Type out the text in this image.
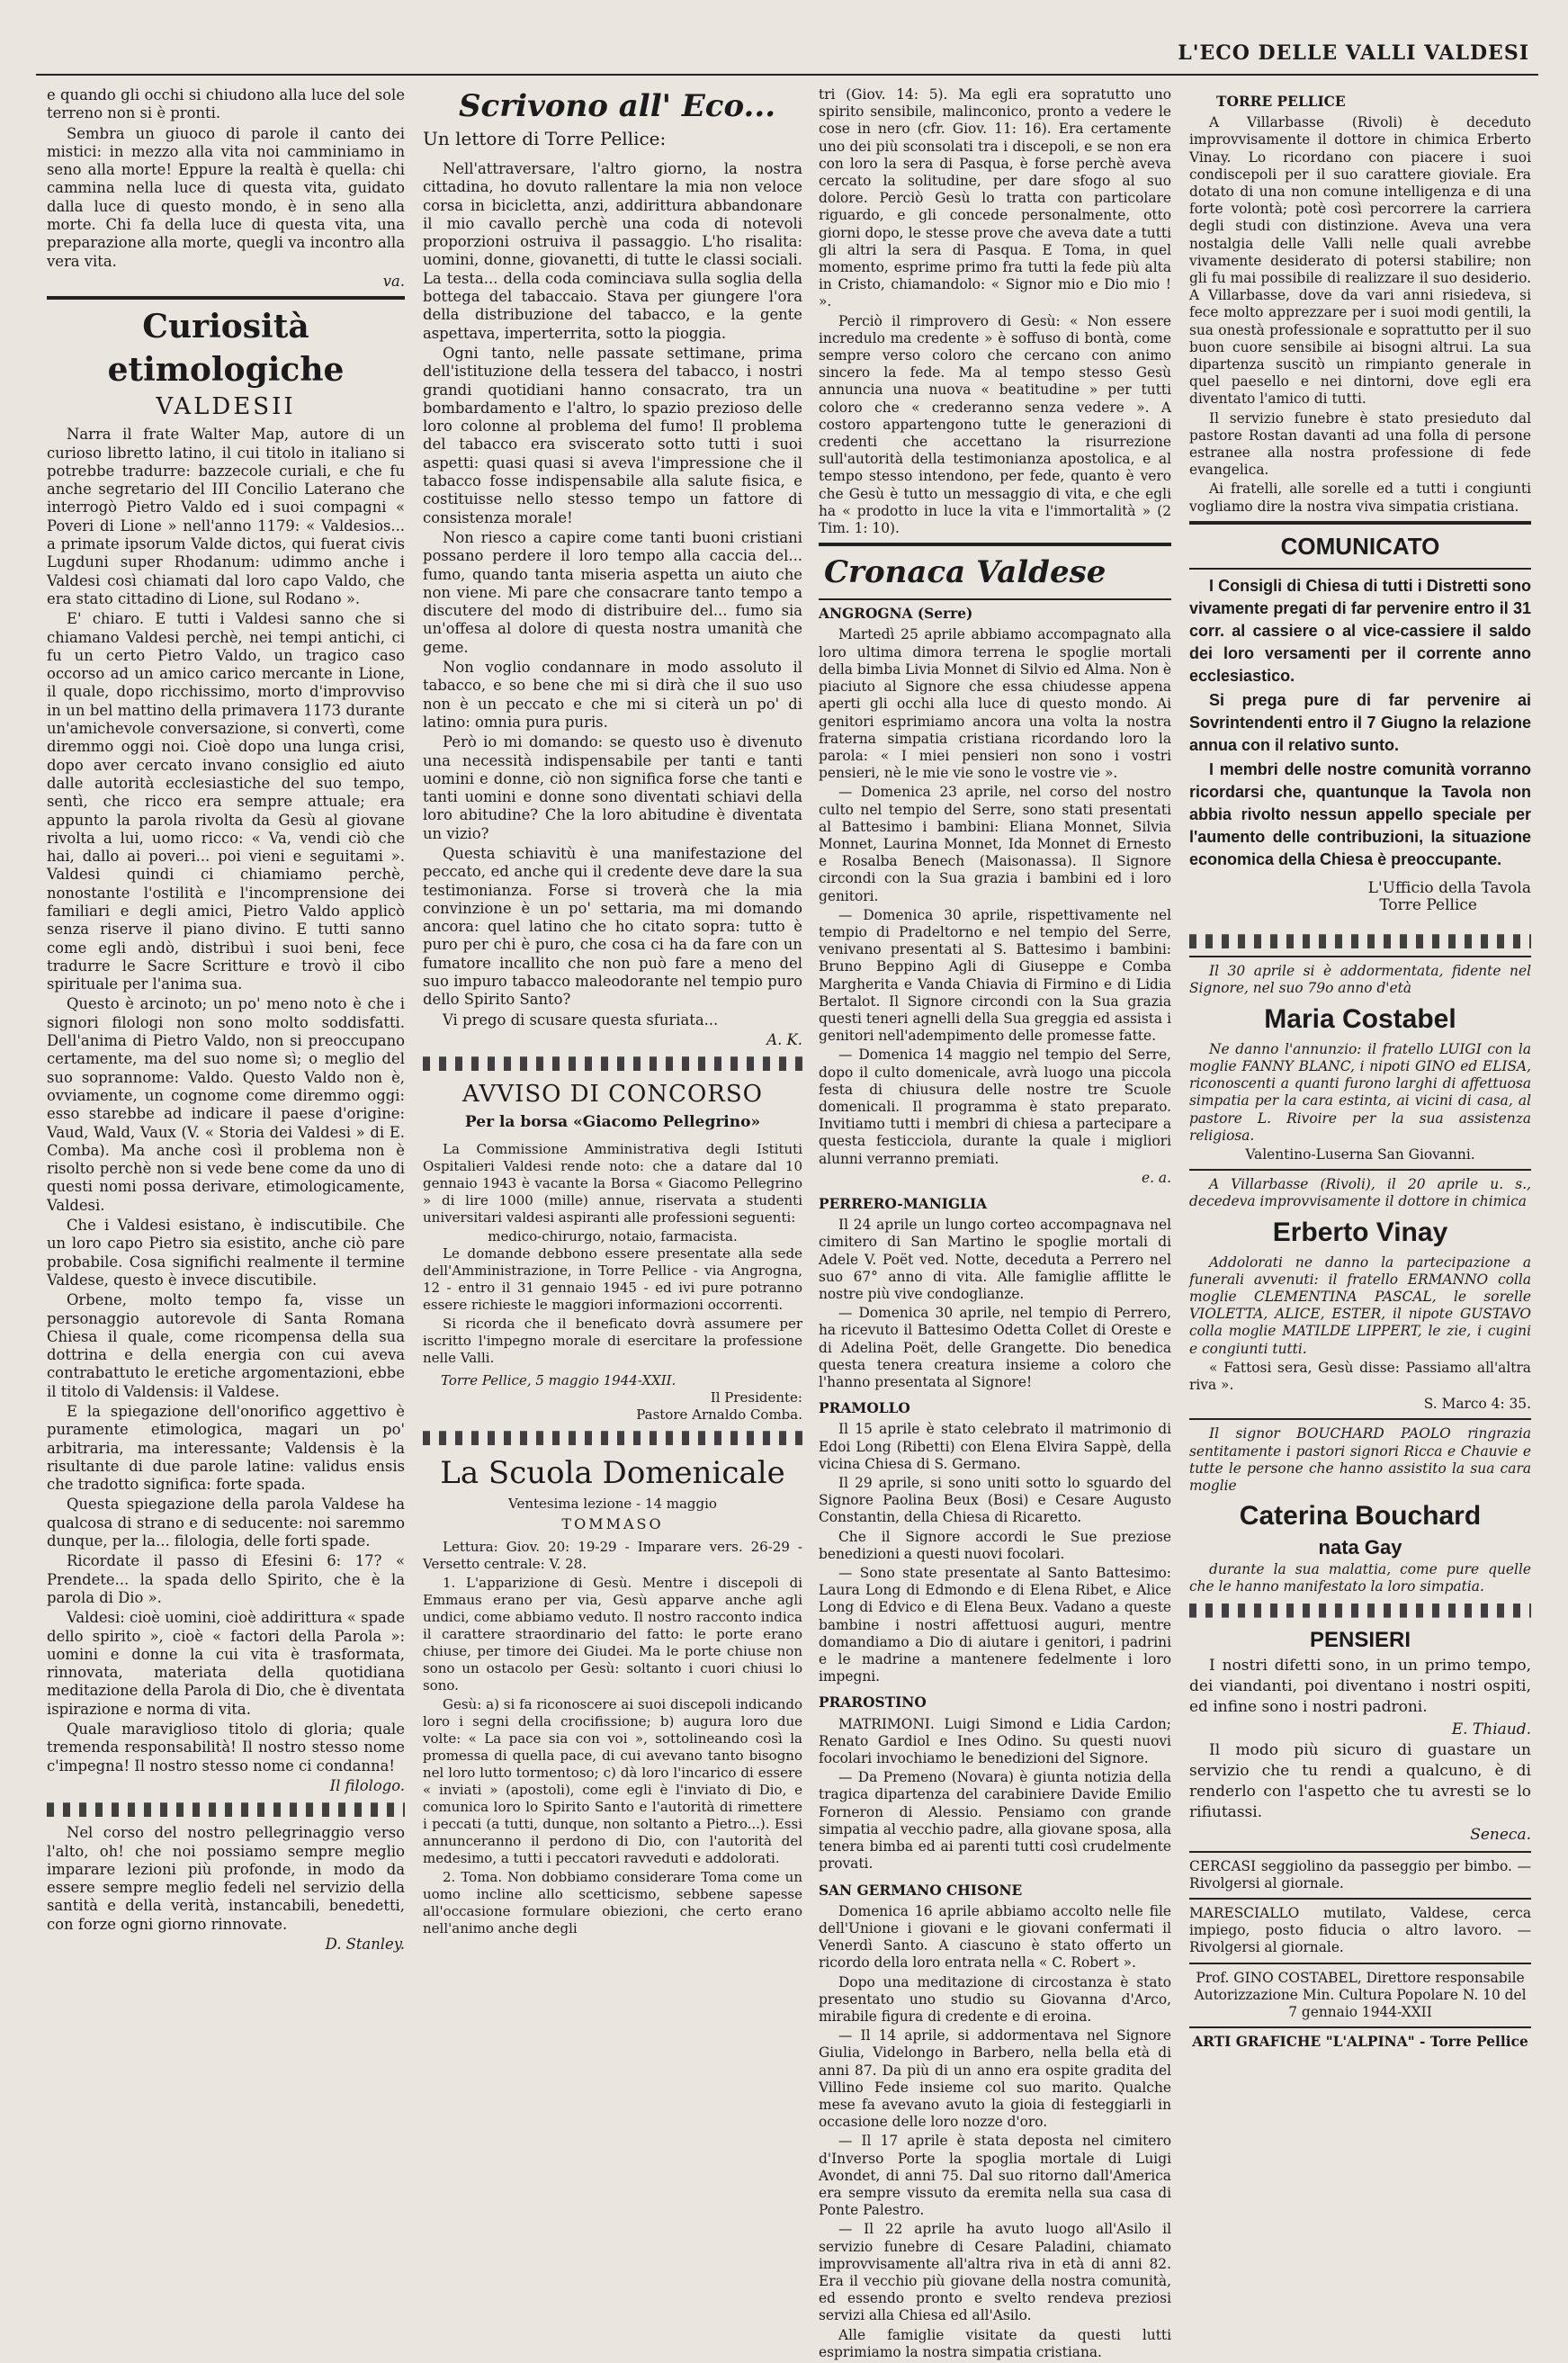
L'ECO DELLE VALLI VALDESI

e quando gli occhi si chiudono alla luce del sole terreno non si è pronti.

Sembra un giuoco di parole il canto dei mistici: in mezzo alla vita noi camminiamo in seno alla morte! Eppure la realtà è quella: chi cammina nella luce di questa vita, guidato dalla luce di questo mondo, è in seno alla morte. Chi fa della luce di questa vita, una preparazione alla morte, quegli va incontro alla vera vita.

va.
Curiosità etimologiche
VALDESII

Narra il frate Walter Map, autore di un curioso libretto latino, il cui titolo in italiano si potrebbe tradurre: bazzecole curiali, e che fu anche segretario del III Concilio Laterano che interrogò Pietro Valdo ed i suoi compagni « Poveri di Lione » nell'anno 1179: « Valdesios... a primate ipsorum Valde dictos, qui fuerat civis Lugduni super Rhodanum: udimmo anche i Valdesi così chiamati dal loro capo Valdo, che era stato cittadino di Lione, sul Rodano ».

E' chiaro. E tutti i Valdesi sanno che si chiamano Valdesi perchè, nei tempi antichi, ci fu un certo Pietro Valdo, un tragico caso occorso ad un amico carico mercante in Lione, il quale, dopo ricchissimo, morto d'improvviso in un bel mattino della primavera 1173 durante un'amichevole conversazione, si convertì, come diremmo oggi noi. Cioè dopo una lunga crisi, dopo aver cercato invano consiglio ed aiuto dalle autorità ecclesiastiche del suo tempo, sentì, che ricco era sempre attuale; era appunto la parola rivolta da Gesù al giovane rivolta a lui, uomo ricco: « Va, vendi ciò che hai, dallo ai poveri... poi vieni e seguitami ». Valdesi quindi ci chiamiamo perchè, nonostante l'ostilità e l'incomprensione dei familiari e degli amici, Pietro Valdo applicò senza riserve il piano divino. E tutti sanno come egli andò, distribuì i suoi beni, fece tradurre le Sacre Scritture e trovò il cibo spirituale per l'anima sua.

Questo è arcinoto; un po' meno noto è che i signori filologi non sono molto soddisfatti. Dell'anima di Pietro Valdo, non si preoccupano certamente, ma del suo nome sì; o meglio del suo soprannome: Valdo. Questo Valdo non è, ovviamente, un cognome come diremmo oggi: esso starebbe ad indicare il paese d'origine: Vaud, Wald, Vaux (V. « Storia dei Valdesi » di E. Comba). Ma anche così il problema non è risolto perchè non si vede bene come da uno di questi nomi possa derivare, etimologicamente, Valdesi.

Che i Valdesi esistano, è indiscutibile. Che un loro capo Pietro sia esistito, anche ciò pare probabile. Cosa significhi realmente il termine Valdese, questo è invece discutibile.

Orbene, molto tempo fa, visse un personaggio autorevole di Santa Romana Chiesa il quale, come ricompensa della sua dottrina e della energia con cui aveva contrabattuto le eretiche argomentazioni, ebbe il titolo di Valdensis: il Valdese.

E la spiegazione dell'onorifico aggettivo è puramente etimologica, magari un po' arbitraria, ma interessante; Valdensis è la risultante di due parole latine: validus ensis che tradotto significa: forte spada.

Questa spiegazione della parola Valdese ha qualcosa di strano e di seducente: noi saremmo dunque, per la... filologia, delle forti spade.

Ricordate il passo di Efesini 6: 17? « Prendete... la spada dello Spirito, che è la parola di Dio ».

Valdesi: cioè uomini, cioè addirittura « spade dello spirito », cioè « factori della Parola »: uomini e donne la cui vita è trasformata, rinnovata, materiata della quotidiana meditazione della Parola di Dio, che è diventata ispirazione e norma di vita.

Quale maraviglioso titolo di gloria; quale tremenda responsabilità! Il nostro stesso nome c'impegna! Il nostro stesso nome ci condanna!

Il filologo.

Nel corso del nostro pellegrinaggio verso l'alto, oh! che noi possiamo sempre meglio imparare lezioni più profonde, in modo da essere sempre meglio fedeli nel servizio della santità e della verità, instancabili, benedetti, con forze ogni giorno rinnovate.

D. Stanley.
Scrivono all' Eco...
Un lettore di Torre Pellice:

Nell'attraversare, l'altro giorno, la nostra cittadina, ho dovuto rallentare la mia non veloce corsa in bicicletta, anzi, addirittura abbandonare il mio cavallo perchè una coda di notevoli proporzioni ostruiva il passaggio. L'ho risalita: uomini, donne, giovanetti, di tutte le classi sociali. La testa... della coda cominciava sulla soglia della bottega del tabaccaio. Stava per giungere l'ora della distribuzione del tabacco, e la gente aspettava, imperterrita, sotto la pioggia.

Ogni tanto, nelle passate settimane, prima dell'istituzione della tessera del tabacco, i nostri grandi quotidiani hanno consacrato, tra un bombardamento e l'altro, lo spazio prezioso delle loro colonne al problema del fumo! Il problema del tabacco era sviscerato sotto tutti i suoi aspetti: quasi quasi si aveva l'impressione che il tabacco fosse indispensabile alla salute fisica, e costituisse nello stesso tempo un fattore di consistenza morale!

Non riesco a capire come tanti buoni cristiani possano perdere il loro tempo alla caccia del... fumo, quando tanta miseria aspetta un aiuto che non viene. Mi pare che consacrare tanto tempo a discutere del modo di distribuire del... fumo sia un'offesa al dolore di questa nostra umanità che geme.

Non voglio condannare in modo assoluto il tabacco, e so bene che mi si dirà che il suo uso non è un peccato e che mi si citerà un po' di latino: omnia pura puris.

Però io mi domando: se questo uso è divenuto una necessità indispensabile per tanti e tanti uomini e donne, ciò non significa forse che tanti e tanti uomini e donne sono diventati schiavi della loro abitudine? Che la loro abitudine è diventata un vizio?

Questa schiavitù è una manifestazione del peccato, ed anche qui il credente deve dare la sua testimonianza. Forse si troverà che la mia convinzione è un po' settaria, ma mi domando ancora: quel latino che ho citato sopra: tutto è puro per chi è puro, che cosa ci ha da fare con un fumatore incallito che non può fare a meno del suo impuro tabacco maleodorante nel tempio puro dello Spirito Santo?

Vi prego di scusare questa sfuriata...

A. K.
AVVISO DI CONCORSO
Per la borsa «Giacomo Pellegrino»

La Commissione Amministrativa degli Istituti Ospitalieri Valdesi rende noto: che a datare dal 10 gennaio 1943 è vacante la Borsa « Giacomo Pellegrino » di lire 1000 (mille) annue, riservata a studenti universitari valdesi aspiranti alle professioni seguenti:

medico-chirurgo, notaio, farmacista.

Le domande debbono essere presentate alla sede dell'Amministrazione, in Torre Pellice - via Angrogna, 12 - entro il 31 gennaio 1945 - ed ivi pure potranno essere richieste le maggiori informazioni occorrenti.

Si ricorda che il beneficato dovrà assumere per iscritto l'impegno morale di esercitare la professione nelle Valli.

Torre Pellice, 5 maggio 1944-XXII.
Il Presidente:
Pastore Arnaldo Comba.
La Scuola Domenicale
Ventesima lezione - 14 maggio
TOMMASO

Lettura: Giov. 20: 19-29 - Imparare vers. 26-29 - Versetto centrale: V. 28.

1. L'apparizione di Gesù. Mentre i discepoli di Emmaus erano per via, Gesù apparve anche agli undici, come abbiamo veduto. Il nostro racconto indica il carattere straordinario del fatto: le porte erano chiuse, per timore dei Giudei. Ma le porte chiuse non sono un ostacolo per Gesù: soltanto i cuori chiusi lo sono.

Gesù: a) si fa riconoscere ai suoi discepoli indicando loro i segni della crocifissione; b) augura loro due volte: « La pace sia con voi », sottolineando così la promessa di quella pace, di cui avevano tanto bisogno nel loro lutto tormentoso; c) dà loro l'incarico di essere « inviati » (apostoli), come egli è l'inviato di Dio, e comunica loro lo Spirito Santo e l'autorità di rimettere i peccati (a tutti, dunque, non soltanto a Pietro...). Essi annunceranno il perdono di Dio, con l'autorità del medesimo, a tutti i peccatori ravveduti e addolorati.

2. Toma. Non dobbiamo considerare Toma come un uomo incline allo scetticismo, sebbene sapesse all'occasione formulare obiezioni, che certo erano nell'animo anche degli

tri (Giov. 14: 5). Ma egli era sopratutto uno spirito sensibile, malinconico, pronto a vedere le cose in nero (cfr. Giov. 11: 16). Era certamente uno dei più sconsolati tra i discepoli, e se non era con loro la sera di Pasqua, è forse perchè aveva cercato la solitudine, per dare sfogo al suo dolore. Perciò Gesù lo tratta con particolare riguardo, e gli concede personalmente, otto giorni dopo, le stesse prove che aveva date a tutti gli altri la sera di Pasqua. E Toma, in quel momento, esprime primo fra tutti la fede più alta in Cristo, chiamandolo: « Signor mio e Dio mio ! ».

Perciò il rimprovero di Gesù: « Non essere incredulo ma credente » è soffuso di bontà, come sempre verso coloro che cercano con animo sincero la fede. Ma al tempo stesso Gesù annuncia una nuova « beatitudine » per tutti coloro che « crederanno senza vedere ». A costoro appartengono tutte le generazioni di credenti che accettano la risurrezione sull'autorità della testimonianza apostolica, e al tempo stesso intendono, per fede, quanto è vero che Gesù è tutto un messaggio di vita, e che egli ha « prodotto in luce la vita e l'immortalità » (2 Tim. 1: 10).

Cronaca Valdese
ANGROGNA (Serre)

Martedì 25 aprile abbiamo accompagnato alla loro ultima dimora terrena le spoglie mortali della bimba Livia Monnet di Silvio ed Alma. Non è piaciuto al Signore che essa chiudesse appena aperti gli occhi alla luce di questo mondo. Ai genitori esprimiamo ancora una volta la nostra fraterna simpatia cristiana ricordando loro la parola: « I miei pensieri non sono i vostri pensieri, nè le mie vie sono le vostre vie ».

— Domenica 23 aprile, nel corso del nostro culto nel tempio del Serre, sono stati presentati al Battesimo i bambini: Eliana Monnet, Silvia Monnet, Laurina Monnet, Ida Monnet di Ernesto e Rosalba Benech (Maisonassa). Il Signore circondi con la Sua grazia i bambini ed i loro genitori.

— Domenica 30 aprile, rispettivamente nel tempio di Pradeltorno e nel tempio del Serre, venivano presentati al S. Battesimo i bambini: Bruno Beppino Agli di Giuseppe e Comba Margherita e Vanda Chiavia di Firmino e di Lidia Bertalot. Il Signore circondi con la Sua grazia questi teneri agnelli della Sua greggia ed assista i genitori nell'adempimento delle promesse fatte.

— Domenica 14 maggio nel tempio del Serre, dopo il culto domenicale, avrà luogo una piccola festa di chiusura delle nostre tre Scuole domenicali. Il programma è stato preparato. Invitiamo tutti i membri di chiesa a partecipare a questa festicciola, durante la quale i migliori alunni verranno premiati.

e. a.
PERRERO-MANIGLIA

Il 24 aprile un lungo corteo accompagnava nel cimitero di San Martino le spoglie mortali di Adele V. Poët ved. Notte, deceduta a Perrero nel suo 67° anno di vita. Alle famiglie afflitte le nostre più vive condoglianze.

— Domenica 30 aprile, nel tempio di Perrero, ha ricevuto il Battesimo Odetta Collet di Oreste e di Adelina Poët, delle Grangette. Dio benedica questa tenera creatura insieme a coloro che l'hanno presentata al Signore!

PRAMOLLO

Il 15 aprile è stato celebrato il matrimonio di Edoi Long (Ribetti) con Elena Elvira Sappè, della vicina Chiesa di S. Germano.

Il 29 aprile, si sono uniti sotto lo sguardo del Signore Paolina Beux (Bosi) e Cesare Augusto Constantin, della Chiesa di Ricaretto.

Che il Signore accordi le Sue preziose benedizioni a questi nuovi focolari.

— Sono state presentate al Santo Battesimo: Laura Long di Edmondo e di Elena Ribet, e Alice Long di Edvico e di Elena Beux. Vadano a queste bambine i nostri affettuosi auguri, mentre domandiamo a Dio di aiutare i genitori, i padrini e le madrine a mantenere fedelmente i loro impegni.

PRAROSTINO

MATRIMONI. Luigi Simond e Lidia Cardon; Renato Gardiol e Ines Odino. Su questi nuovi focolari invochiamo le benedizioni del Signore.

— Da Premeno (Novara) è giunta notizia della tragica dipartenza del carabiniere Davide Emilio Forneron di Alessio. Pensiamo con grande simpatia al vecchio padre, alla giovane sposa, alla tenera bimba ed ai parenti tutti così crudelmente provati.

SAN GERMANO CHISONE

Domenica 16 aprile abbiamo accolto nelle file dell'Unione i giovani e le giovani confermati il Venerdì Santo. A ciascuno è stato offerto un ricordo della loro entrata nella « C. Robert ».

Dopo una meditazione di circostanza è stato presentato uno studio su Giovanna d'Arco, mirabile figura di credente e di eroina.

— Il 14 aprile, si addormentava nel Signore Giulia, Videlongo in Barbero, nella bella età di anni 87. Da più di un anno era ospite gradita del Villino Fede insieme col suo marito. Qualche mese fa avevano avuto la gioia di festeggiarli in occasione delle loro nozze d'oro.

— Il 17 aprile è stata deposta nel cimitero d'Inverso Porte la spoglia mortale di Luigi Avondet, di anni 75. Dal suo ritorno dall'America era sempre vissuto da eremita nella sua casa di Ponte Palestro.

— Il 22 aprile ha avuto luogo all'Asilo il servizio funebre di Cesare Paladini, chiamato improvvisamente all'altra riva in età di anni 82. Era il vecchio più giovane della nostra comunità, ed essendo pronto e svelto rendeva preziosi servizi alla Chiesa ed all'Asilo.

Alle famiglie visitate da questi lutti esprimiamo la nostra simpatia cristiana.

TORRE PELLICE

A Villarbasse (Rivoli) è deceduto improvvisamente il dottore in chimica Erberto Vinay. Lo ricordano con piacere i suoi condiscepoli per il suo carattere gioviale. Era dotato di una non comune intelligenza e di una forte volontà; potè così percorrere la carriera degli studi con distinzione. Aveva una vera nostalgia delle Valli nelle quali avrebbe vivamente desiderato di potersi stabilire; non gli fu mai possibile di realizzare il suo desiderio. A Villarbasse, dove da vari anni risiedeva, si fece molto apprezzare per i suoi modi gentili, la sua onestà professionale e soprattutto per il suo buon cuore sensibile ai bisogni altrui. La sua dipartenza suscitò un rimpianto generale in quel paesello e nei dintorni, dove egli era diventato l'amico di tutti.

Il servizio funebre è stato presieduto dal pastore Rostan davanti ad una folla di persone estranee alla nostra professione di fede evangelica.

Ai fratelli, alle sorelle ed a tutti i congiunti vogliamo dire la nostra viva simpatia cristiana.

COMUNICATO

I Consigli di Chiesa di tutti i Distretti sono vivamente pregati di far pervenire entro il 31 corr. al cassiere o al vice-cassiere il saldo dei loro versamenti per il corrente anno ecclesiastico.

Si prega pure di far pervenire ai Sovrintendenti entro il 7 Giugno la relazione annua con il relativo sunto.

I membri delle nostre comunità vorranno ricordarsi che, quantunque la Tavola non abbia rivolto nessun appello speciale per l'aumento delle contribuzioni, la situazione economica della Chiesa è preoccupante.

L'Ufficio della Tavola
Torre Pellice

Il 30 aprile si è addormentata, fidente nel Signore, nel suo 79o anno d'età

Maria Costabel

Ne danno l'annunzio: il fratello LUIGI con la moglie FANNY BLANC, i nipoti GINO ed ELISA, riconoscenti a quanti furono larghi di affettuosa simpatia per la cara estinta, ai vicini di casa, al pastore L. Rivoire per la sua assistenza religiosa.

Valentino-Luserna San Giovanni.

A Villarbasse (Rivoli), il 20 aprile u. s., decedeva improvvisamente il dottore in chimica

Erberto Vinay

Addolorati ne danno la partecipazione a funerali avvenuti: il fratello ERMANNO colla moglie CLEMENTINA PASCAL, le sorelle VIOLETTA, ALICE, ESTER, il nipote GUSTAVO colla moglie MATILDE LIPPERT, le zie, i cugini e congiunti tutti.

« Fattosi sera, Gesù disse: Passiamo all'altra riva ».

S. Marco 4: 35.

Il signor BOUCHARD PAOLO ringrazia sentitamente i pastori signori Ricca e Chauvie e tutte le persone che hanno assistito la sua cara moglie

Caterina Bouchard
nata Gay

durante la sua malattia, come pure quelle che le hanno manifestato la loro simpatia.

PENSIERI

I nostri difetti sono, in un primo tempo, dei viandanti, poi diventano i nostri ospiti, ed infine sono i nostri padroni.

E. Thiaud.

Il modo più sicuro di guastare un servizio che tu rendi a qualcuno, è di renderlo con l'aspetto che tu avresti se lo rifiutassi.

Seneca.

CERCASI seggiolino da passeggio per bimbo. — Rivolgersi al giornale.

MARESCIALLO mutilato, Valdese, cerca impiego, posto fiducia o altro lavoro. — Rivolgersi al giornale.

Prof. GINO COSTABEL, Direttore responsabile
Autorizzazione Min. Cultura Popolare N. 10 del 7 gennaio 1944-XXII
ARTI GRAFICHE "L'ALPINA" - Torre Pellice
